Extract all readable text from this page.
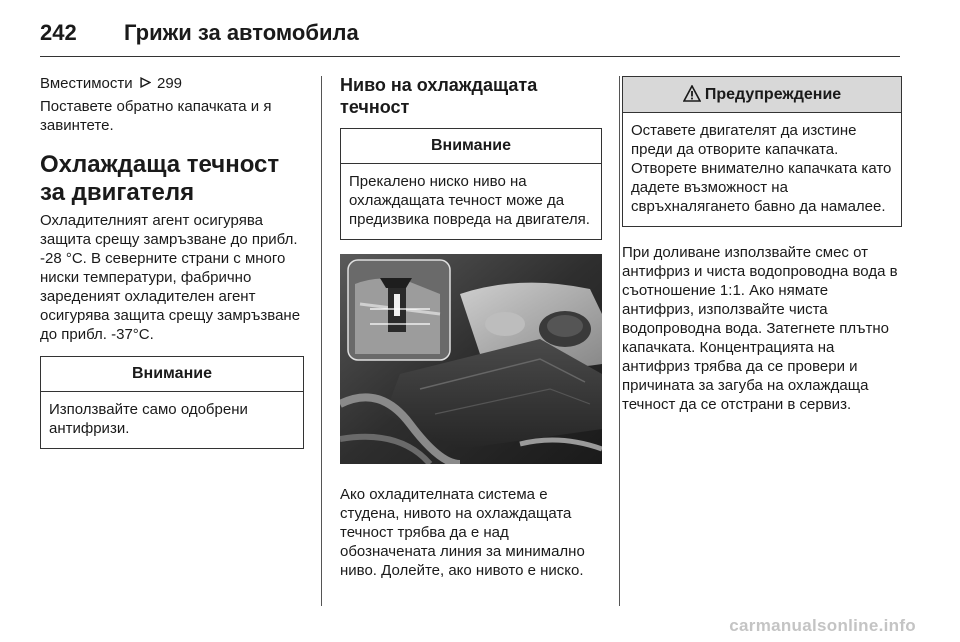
242 Грижи за автомобила

Вместимости 299

Поставете обратно капачката и я завинтете.

Охлаждаща течност за двигателя

Охладителният агент осигурява защита срещу замръзване до прибл. -28 °C. В северните страни с много ниски температури, фабрично зареденият охладителен агент осигурява защита срещу замръзване до прибл. -37°C.

Внимание
Използвайте само одобрени антифризи.
Ниво на охлаждащата течност
Внимание
Прекалено ниско ниво на охлаждащата течност може да предизвика повреда на двигателя.

Ако охладителната система е студена, нивото на охлаждащата течност трябва да е над обозначената линия за минимално ниво. Долейте, ако нивото е ниско.

Предупреждение
Оставете двигателят да изстине преди да отворите капачката. Отворете внимателно капачката като дадете възможност на свръхналягането бавно да намалее.

При доливане използвайте смес от антифриз и чиста водопроводна вода в съотношение 1:1. Ако нямате антифриз, използвайте чиста водопроводна вода. Затегнете плътно капачката. Концентрацията на антифриз трябва да се провери и причината за загуба на охлаждаща течност да се отстрани в сервиз.

carmanualsonline.info
